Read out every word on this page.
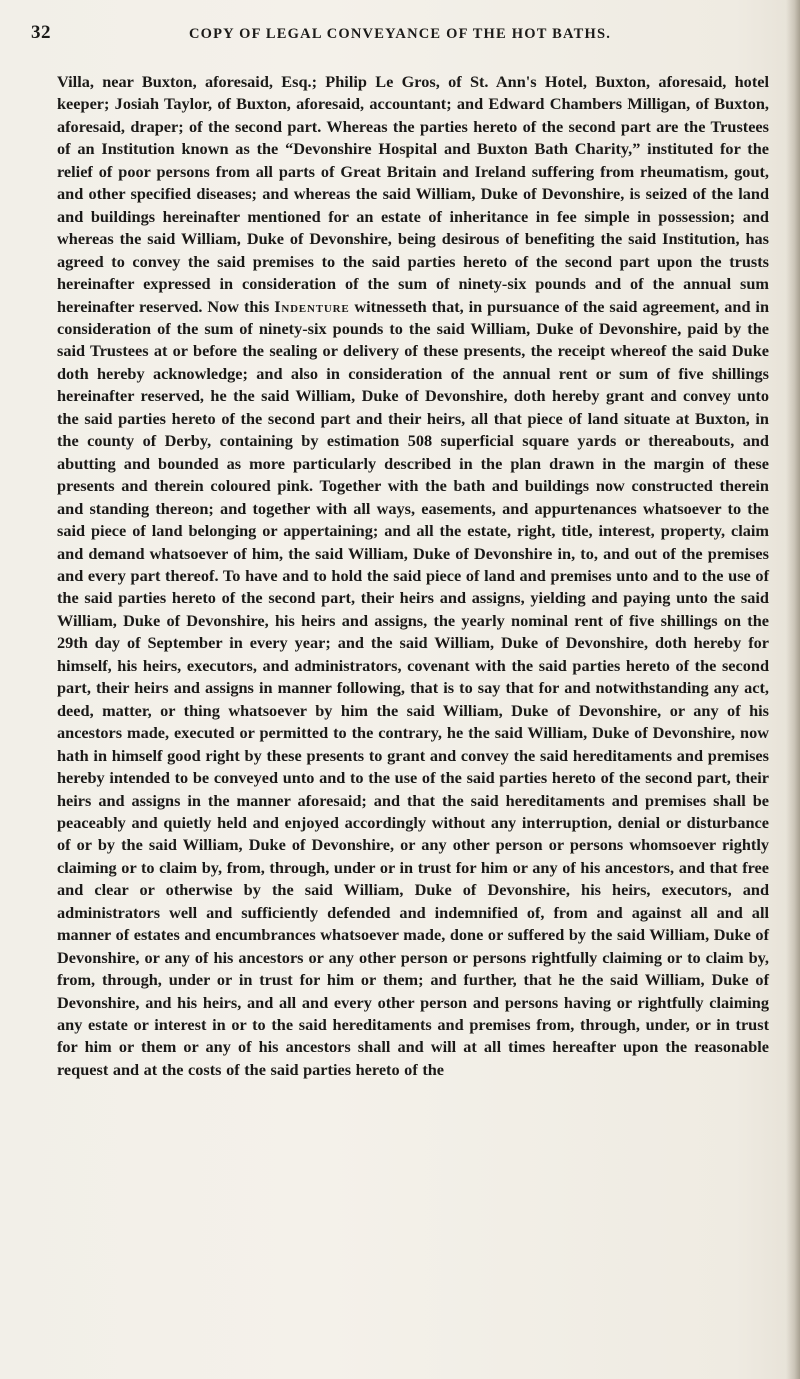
32	COPY OF LEGAL CONVEYANCE OF THE HOT BATHS.

Villa, near Buxton, aforesaid, Esq.; Philip Le Gros, of St. Ann's Hotel, Buxton, aforesaid, hotel keeper; Josiah Taylor, of Buxton, aforesaid, accountant; and Edward Chambers Milligan, of Buxton, aforesaid, draper; of the second part. Whereas the parties hereto of the second part are the Trustees of an Institution known as the “Devonshire Hospital and Buxton Bath Charity,” instituted for the relief of poor persons from all parts of Great Britain and Ireland suffering from rheumatism, gout, and other specified diseases; and whereas the said William, Duke of Devonshire, is seized of the land and buildings hereinafter mentioned for an estate of inheritance in fee simple in possession; and whereas the said William, Duke of Devonshire, being desirous of benefiting the said Institution, has agreed to convey the said premises to the said parties hereto of the second part upon the trusts hereinafter expressed in consideration of the sum of ninety-six pounds and of the annual sum hereinafter reserved. Now this Indenture witnesseth that, in pursuance of the said agreement, and in consideration of the sum of ninety-six pounds to the said William, Duke of Devonshire, paid by the said Trustees at or before the sealing or delivery of these presents, the receipt whereof the said Duke doth hereby acknowledge; and also in consideration of the annual rent or sum of five shillings hereinafter reserved, he the said William, Duke of Devonshire, doth hereby grant and convey unto the said parties hereto of the second part and their heirs, all that piece of land situate at Buxton, in the county of Derby, containing by estimation 508 superficial square yards or thereabouts, and abutting and bounded as more particularly described in the plan drawn in the margin of these presents and therein coloured pink. Together with the bath and buildings now constructed therein and standing thereon; and together with all ways, easements, and appurtenances whatsoever to the said piece of land belonging or appertaining; and all the estate, right, title, interest, property, claim and demand whatsoever of him, the said William, Duke of Devonshire in, to, and out of the premises and every part thereof. To have and to hold the said piece of land and premises unto and to the use of the said parties hereto of the second part, their heirs and assigns, yielding and paying unto the said William, Duke of Devonshire, his heirs and assigns, the yearly nominal rent of five shillings on the 29th day of September in every year; and the said William, Duke of Devonshire, doth hereby for himself, his heirs, executors, and administrators, covenant with the said parties hereto of the second part, their heirs and assigns in manner following, that is to say that for and notwithstanding any act, deed, matter, or thing whatsoever by him the said William, Duke of Devonshire, or any of his ancestors made, executed or permitted to the contrary, he the said William, Duke of Devonshire, now hath in himself good right by these presents to grant and convey the said hereditaments and premises hereby intended to be conveyed unto and to the use of the said parties hereto of the second part, their heirs and assigns in the manner aforesaid; and that the said hereditaments and premises shall be peaceably and quietly held and enjoyed accordingly without any interruption, denial or disturbance of or by the said William, Duke of Devonshire, or any other person or persons whomsoever rightly claiming or to claim by, from, through, under or in trust for him or any of his ancestors, and that free and clear or otherwise by the said William, Duke of Devonshire, his heirs, executors, and administrators well and sufficiently defended and indemnified of, from and against all and all manner of estates and encumbrances whatsoever made, done or suffered by the said William, Duke of Devonshire, or any of his ancestors or any other person or persons rightfully claiming or to claim by, from, through, under or in trust for him or them; and further, that he the said William, Duke of Devonshire, and his heirs, and all and every other person and persons having or rightfully claiming any estate or interest in or to the said hereditaments and premises from, through, under, or in trust for him or them or any of his ancestors shall and will at all times hereafter upon the reasonable request and at the costs of the said parties hereto of the
